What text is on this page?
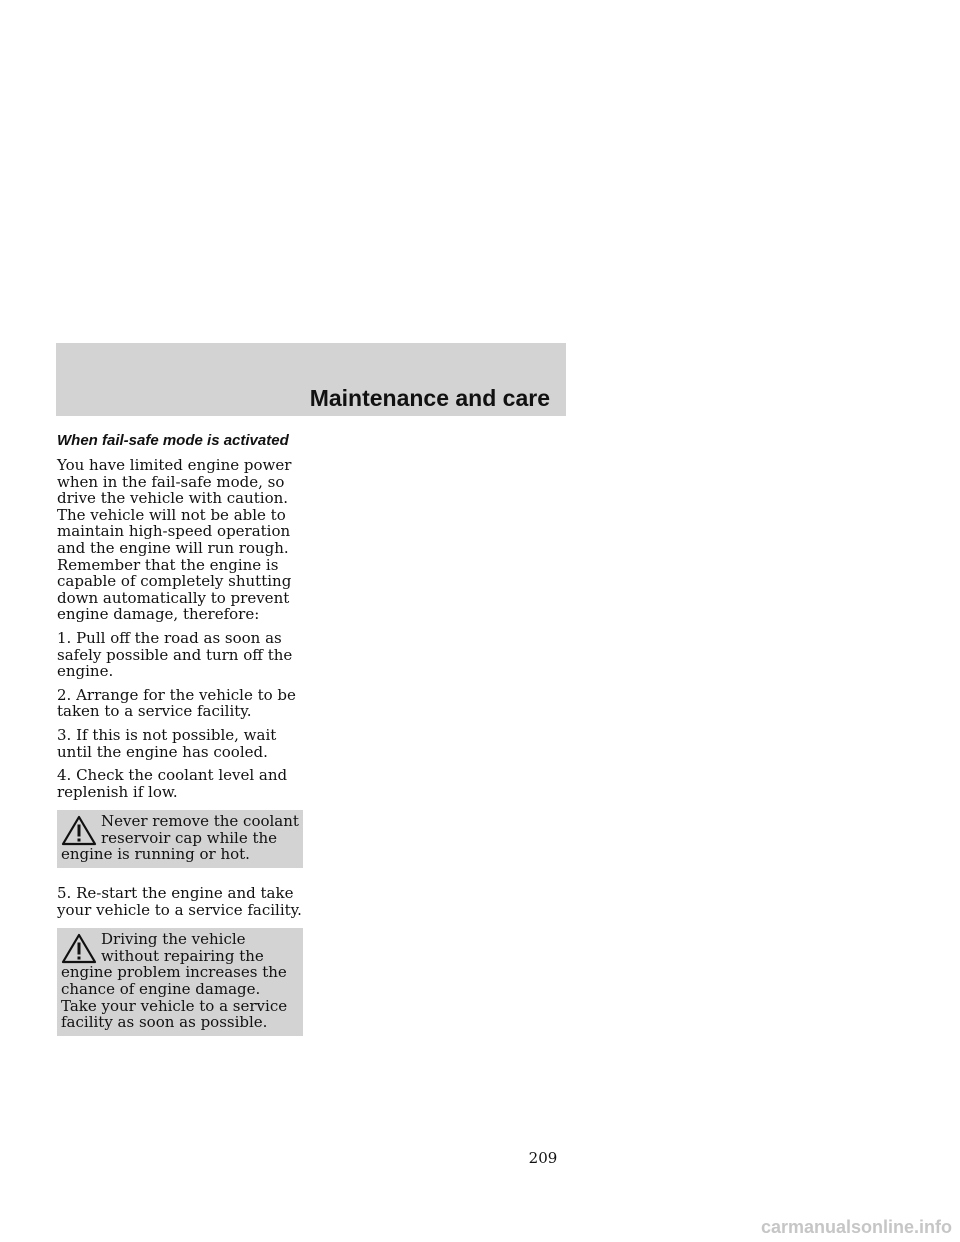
Maintenance and care
When fail-safe mode is activated

You have limited engine power when in the fail-safe mode, so drive the vehicle with caution. The vehicle will not be able to maintain high-speed operation and the engine will run rough. Remember that the engine is capable of completely shutting down automatically to prevent engine damage, therefore:

1. Pull off the road as soon as safely possible and turn off the engine.

2. Arrange for the vehicle to be taken to a service facility.

3. If this is not possible, wait until the engine has cooled.

4. Check the coolant level and replenish if low.

Never remove the coolant reservoir cap while the engine is running or hot.

5. Re-start the engine and take your vehicle to a service facility.

Driving the vehicle without repairing the engine problem increases the chance of engine damage. Take your vehicle to a service facility as soon as possible.
209

carmanualsonline.info
